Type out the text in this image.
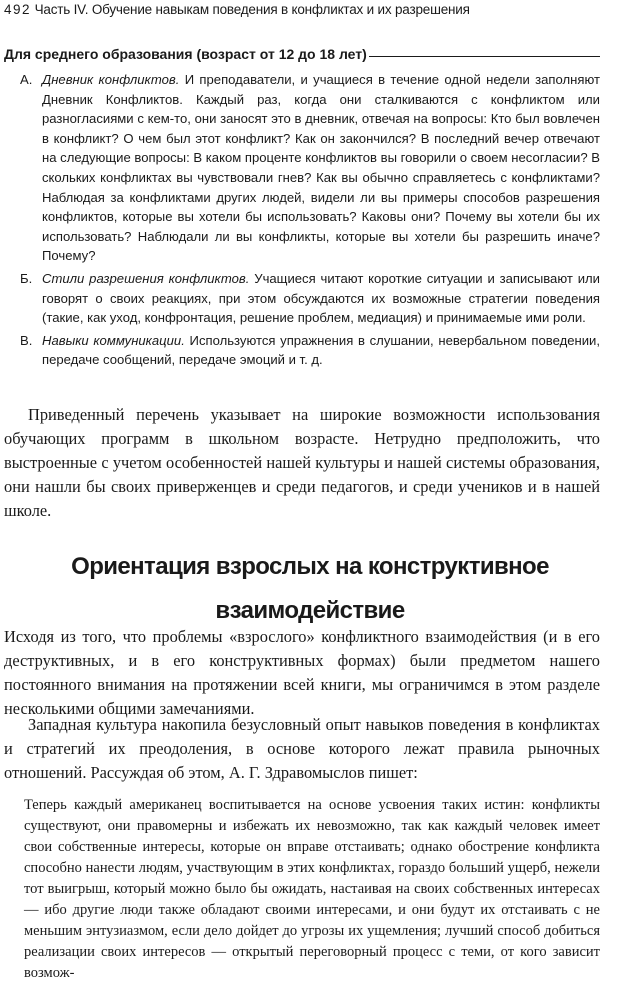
492 Часть IV. Обучение навыкам поведения в конфликтах и их разрешения
Для среднего образования (возраст от 12 до 18 лет)
А. Дневник конфликтов. И преподаватели, и учащиеся в течение одной недели заполняют Дневник Конфликтов. Каждый раз, когда они сталкиваются с конфликтом или разногласиями с кем-то, они заносят это в дневник, отвечая на вопросы: Кто был вовлечен в конфликт? О чем был этот конфликт? Как он закончился? В последний вечер отвечают на следующие вопросы: В каком проценте конфликтов вы говорили о своем несогласии? В скольких конфликтах вы чувствовали гнев? Как вы обычно справляетесь с конфликтами? Наблюдая за конфликтами других людей, видели ли вы примеры способов разрешения конфликтов, которые вы хотели бы использовать? Каковы они? Почему вы хотели бы их использовать? Наблюдали ли вы конфликты, которые вы хотели бы разрешить иначе? Почему?
Б. Стили разрешения конфликтов. Учащиеся читают короткие ситуации и записывают или говорят о своих реакциях, при этом обсуждаются их возможные стратегии поведения (такие, как уход, конфронтация, решение проблем, медиация) и принимаемые ими роли.
В. Навыки коммуникации. Используются упражнения в слушании, невербальном поведении, передаче сообщений, передаче эмоций и т. д.

Приведенный перечень указывает на широкие возможности использования обучающих программ в школьном возрасте. Нетрудно предположить, что выстроенные с учетом особенностей нашей культуры и нашей системы образования, они нашли бы своих приверженцев и среди педагогов, и среди учеников и в нашей школе.

Ориентация взрослых на конструктивное
взаимодействие

Исходя из того, что проблемы «взрослого» конфликтного взаимодействия (и в его деструктивных, и в его конструктивных формах) были предметом нашего постоянного внимания на протяжении всей книги, мы ограничимся в этом разделе несколькими общими замечаниями.

Западная культура накопила безусловный опыт навыков поведения в конфликтах и стратегий их преодоления, в основе которого лежат правила рыночных отношений. Рассуждая об этом, А. Г. Здравомыслов пишет:

Теперь каждый американец воспитывается на основе усвоения таких истин: конфликты существуют, они правомерны и избежать их невозможно, так как каждый человек имеет свои собственные интересы, которые он вправе отстаивать; однако обострение конфликта способно нанести людям, участвующим в этих конфликтах, гораздо больший ущерб, нежели тот выигрыш, который можно было бы ожидать, настаивая на своих собственных интересах — ибо другие люди также обладают своими интересами, и они будут их отстаивать с не меньшим энтузиазмом, если дело дойдет до угрозы их ущемления; лучший способ добиться реализации своих интересов — открытый переговорный процесс с теми, от кого зависит возмож-
